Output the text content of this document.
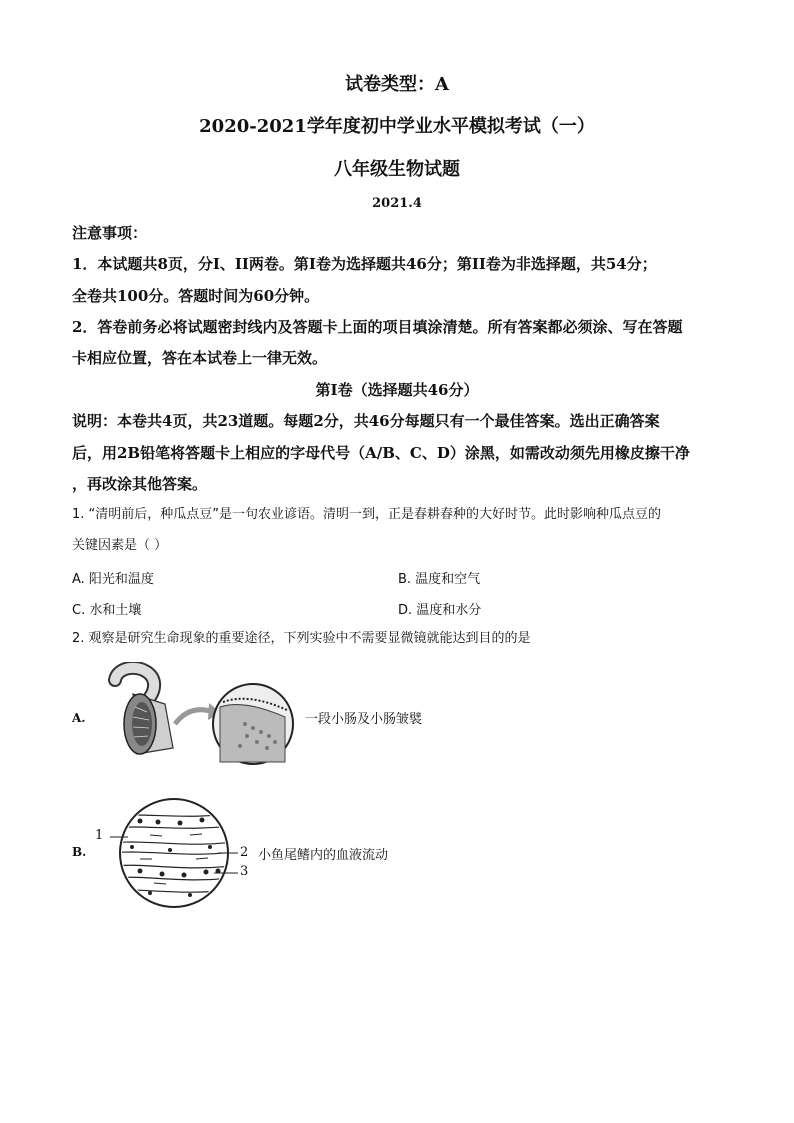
试卷类型：A
2020-2021学年度初中学业水平模拟考试（一）
八年级生物试题
2021.4
注意事项：
1．本试题共8页，分I、II两卷。第Ⅰ卷为选择题共46分；第II卷为非选择题，共54分；
全卷共100分。答题时间为60分钟。
2．答卷前务必将试题密封线内及答题卡上面的项目填涂清楚。所有答案都必须涂、写在答题
卡相应位置，答在本试卷上一律无效。
第Ⅰ卷（选择题共46分）
说明：本卷共4页，共23道题。每题2分，共46分每题只有一个最佳答案。选出正确答案
后，用2B铅笔将答题卡上相应的字母代号（A/B、C、D）涂黑，如需改动须先用橡皮擦干净
，再改涂其他答案。
1. “清明前后，种瓜点豆”是一句农业谚语。清明一到，正是春耕春种的大好时节。此时影响种瓜点豆的
关键因素是（ ）
A. 阳光和温度	B. 温度和空气
C. 水和土壤	D. 温度和水分
2. 观察是研究生命现象的重要途径，下列实验中不需要显微镜就能达到目的的是
A.	一段小肠及小肠皱襞
B.
1
2
3
小鱼尾鳍内的血液流动
